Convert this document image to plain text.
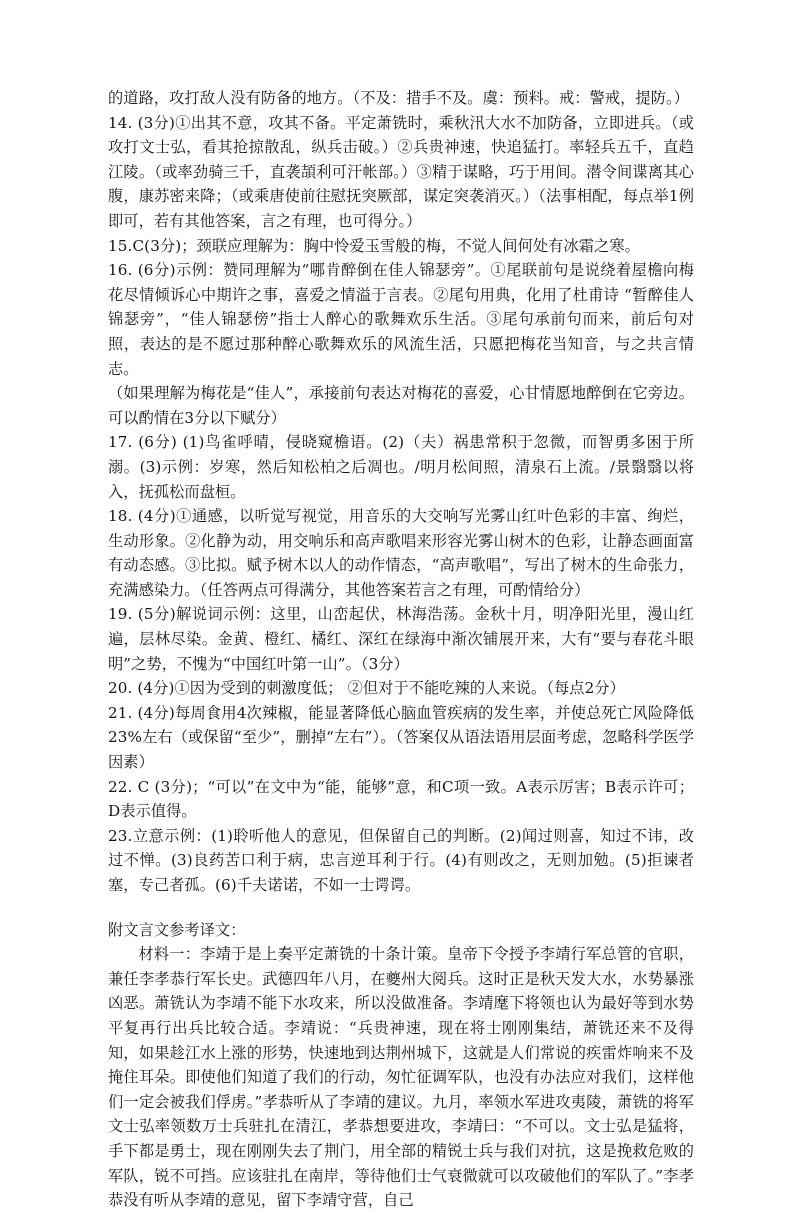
的道路，攻打敌人没有防备的地方。（不及：措手不及。虞：预料。戒：警戒，提防。）

14. (3分)①出其不意，攻其不备。平定萧铣时，乘秋汛大水不加防备，立即进兵。（或攻打文士弘，看其抢掠散乱，纵兵击破。）②兵贵神速，快追猛打。率轻兵五千，直趋江陵。（或率劲骑三千，直袭頡利可汗帐部。）③精于谋略，巧于用间。潜令间谍离其心腹，康苏密来降；（或乘唐使前往慰抚突厥部，谋定突袭消灭。）（法事相配，每点举1例即可，若有其他答案，言之有理，也可得分。）

15.C(3分)；颈联应理解为：胸中怜爱玉雪般的梅，不觉人间何处有冰霜之寒。

16. (6分)示例：赞同理解为“哪肯醉倒在佳人锦瑟旁”。①尾联前句是说绕着屋檐向梅花尽情倾诉心中期许之事，喜爱之情溢于言表。②尾句用典，化用了杜甫诗 “暂醉佳人锦瑟旁”，“佳人锦瑟傍”指士人醉心的歌舞欢乐生活。③尾句承前句而来，前后句对照，表达的是不愿过那种醉心歌舞欢乐的风流生活，只愿把梅花当知音，与之共言情志。

（如果理解为梅花是“佳人”，承接前句表达对梅花的喜爱，心甘情愿地醉倒在它旁边。可以酌情在3分以下赋分）

17. (6分) (1)鸟雀呼晴，侵晓窥檐语。(2)（夫）祸患常积于忽微，而智勇多困于所溺。(3)示例：岁寒，然后知松柏之后凋也。/明月松间照，清泉石上流。/景翳翳以将入，抚孤松而盘桓。

18. (4分)①通感，以听觉写视觉，用音乐的大交响写光雾山红叶色彩的丰富、绚烂，生动形象。②化静为动，用交响乐和高声歌唱来形容光雾山树木的色彩，让静态画面富有动态感。③比拟。赋予树木以人的动作情态，“高声歌唱”，写出了树木的生命张力，充满感染力。（任答两点可得满分，其他答案若言之有理，可酌情给分）

19. (5分)解说词示例：这里，山峦起伏，林海浩荡。金秋十月，明净阳光里，漫山红遍，层林尽染。金黄、橙红、橘红、深红在绿海中渐次铺展开来，大有“要与春花斗眼明”之势，不愧为“中国红叶第一山”。（3分）

20. (4分)①因为受到的刺激度低； ②但对于不能吃辣的人来说。（每点2分）

21. (4分)每周食用4次辣椒，能显著降低心脑血管疾病的发生率，并使总死亡风险降低23%左右（或保留“至少”，删掉“左右”）。（答案仅从语法语用层面考虑，忽略科学医学因素）

22. C (3分)；“可以”在文中为“能，能够”意，和C项一致。A表示厉害；B表示许可；D表示值得。

23.立意示例：(1)聆听他人的意见，但保留自己的判断。(2)闻过则喜，知过不讳，改过不惮。(3)良药苦口利于病，忠言逆耳利于行。(4)有则改之，无则加勉。(5)拒谏者塞，专己者孤。(6)千夫诺诺，不如一士谔谔。

附文言文参考译文：

材料一：李靖于是上奏平定萧铣的十条计策。皇帝下令授予李靖行军总管的官职，兼任李孝恭行军长史。武德四年八月，在夔州大阅兵。这时正是秋天发大水，水势暴涨凶恶。萧铣认为李靖不能下水攻来，所以没做准备。李靖麾下将领也认为最好等到水势平复再行出兵比较合适。李靖说：“兵贵神速，现在将士刚刚集结，萧铣还来不及得知，如果趁江水上涨的形势，快速地到达荆州城下，这就是人们常说的疾雷炸响来不及掩住耳朵。即使他们知道了我们的行动，匆忙征调军队，也没有办法应对我们，这样他们一定会被我们俘虏。”孝恭听从了李靖的建议。九月，率领水军进攻夷陵，萧铣的将军文士弘率领数万士兵驻扎在清江，孝恭想要进攻，李靖曰：“不可以。文士弘是猛将，手下都是勇士，现在刚刚失去了荆门，用全部的精锐士兵与我们对抗，这是挽救危败的军队，锐不可挡。应该驻扎在南岸，等待他们士气衰微就可以攻破他们的军队了。”李孝恭没有听从李靖的意见，留下李靖守营，自己
